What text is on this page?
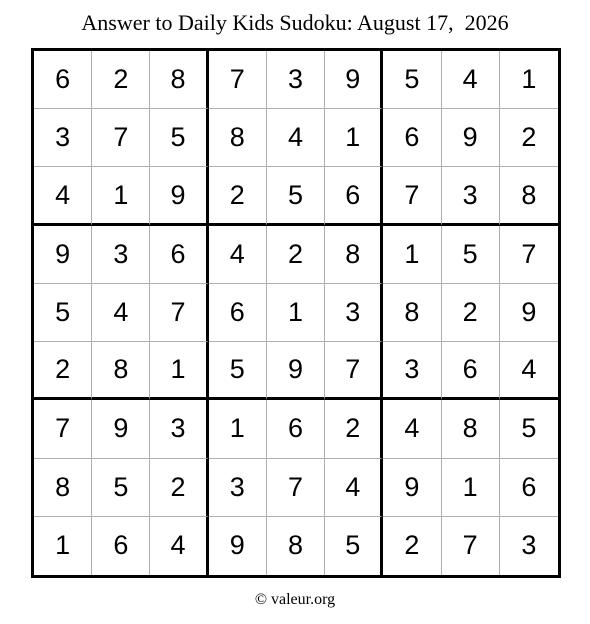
Answer to Daily Kids Sudoku: August 17,  2026
6	2	8	7	3	9	5	4	1
3	7	5	8	4	1	6	9	2
4	1	9	2	5	6	7	3	8
9	3	6	4	2	8	1	5	7
5	4	7	6	1	3	8	2	9
2	8	1	5	9	7	3	6	4
7	9	3	1	6	2	4	8	5
8	5	2	3	7	4	9	1	6
1	6	4	9	8	5	2	7	3
© valeur.org
